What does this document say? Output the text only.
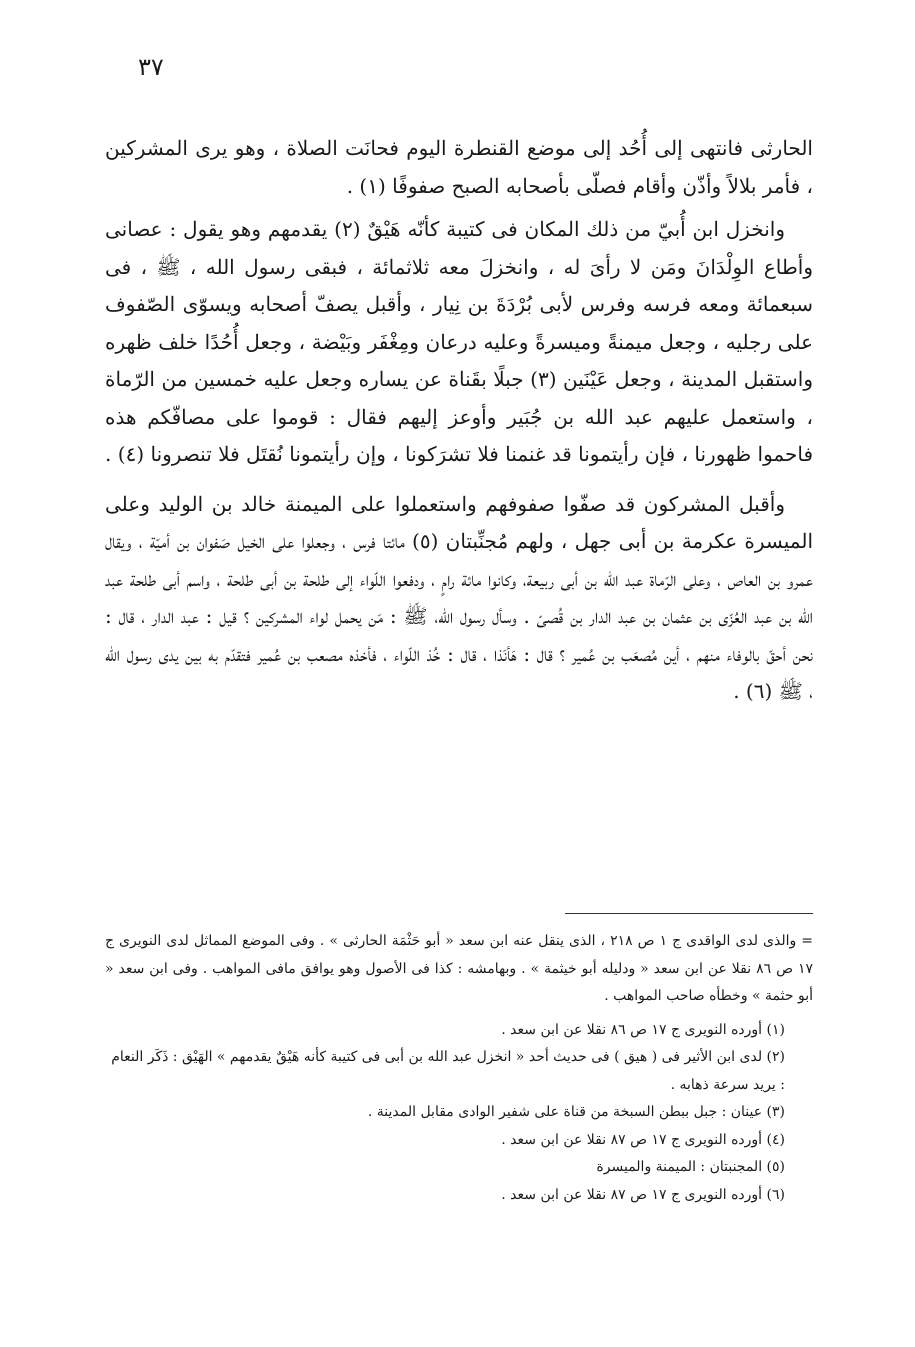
٣٧

الحارثى فانتهى إلى أُحُد إلى موضع القنطرة اليوم فحانَت الصلاة ، وهو يرى المشركين ، فأمر بلالاً وأذّن وأقام فصلّى بأصحابه الصبح صفوفًا (١) .

وانخزل ابن أُبيّ من ذلك المكان فى كتيبة كأنّه هَيْقٌ (٢) يقدمهم وهو يقول : عصانى وأطاع الوِلْدَانَ ومَن لا رأىَ له ، وانخزلَ معه ثلاثمائة ، فبقى رسول الله ، ﷺ ، فى سبعمائة ومعه فرسه وفرس لأبى بُرْدَةَ بن نِيار ، وأقبل يصفّ أصحابه ويسوّى الصّفوف على رجليه ، وجعل ميمنةً وميسرةً وعليه درعان ومِغْفَر وبَيْضة ، وجعل أُحُدًا خلف ظهره واستقبل المدينة ، وجعل عَيْنَين (٣) جبلًا بقَناة عن يساره وجعل عليه خمسين من الرّماة ، واستعمل عليهم عبد الله بن جُبَير وأوعز إليهم فقال : قوموا على مصافّكم هذه فاحموا ظهورنا ، فإن رأيتمونا قد غنمنا فلا تشرَكونا ، وإن رأيتمونا نُقتَل فلا تنصرونا (٤) .

وأقبل المشركون قد صفّوا صفوفهم واستعملوا على الميمنة خالد بن الوليد وعلى الميسرة عكرمة بن أبى جهل ، ولهم مُجنِّبتان (٥) مائتا فرس ، وجعلوا على الخيل صَفوان بن أميّة ، ويقال عمرو بن العاص ، وعلى الرّماة عبد الله بن أبى ربيعة، وكانوا مائة رامٍ ، ودفعوا اللّواء إلى طلحة بن أبى طلحة ، واسم أبى طلحة عبد الله بن عبد العُزّى بن عثمان بن عبد الدار بن قُصىّ . وسأل رسول الله، ﷺ : مَن يحمل لواء المشركين ؟ قيل : عبد الدار ، قال : نحن أحقّ بالوفاء منهم ، أين مُصعَب بن عُمير ؟ قال : هَأنَذا ، قال : خُذ اللّواء ، فأخذه مصعب بن عُمير فتقدّم به بين يدى رسول الله ، ﷺ (٦) .

= والذى لدى الواقدى ج ١ ص ٢١٨ ، الذى ينقل عنه ابن سعد « أبو حَثْمَة الحارثى » . وفى الموضع المماثل لدى النويرى ج ١٧ ص ٨٦ نقلا عن ابن سعد « ودليله أبو خيثمة » . وبهامشه : كذا فى الأصول وهو يوافق مافى المواهب . وفى ابن سعد « أبو حثمة » وخطأه صاحب المواهب .

(١) أورده النويرى ج ١٧ ص ٨٦ نقلا عن ابن سعد .

(٢) لدى ابن الأثير فى ( هيق ) فى حديث أحد « انخزل عبد الله بن أبى فى كتيبة كأنه هَيْقٌ يقدمهم » الهَيْق : ذَكَر النعام : يريد سرعة ذهابه .

(٣) عينان : جبل ببطن السبخة من قناة على شفير الوادى مقابل المدينة .

(٤) أورده النويرى ج ١٧ ص ٨٧ نقلا عن ابن سعد .

(٥) المجنبتان : الميمنة والميسرة

(٦) أورده النويرى ج ١٧ ص ٨٧ نقلا عن ابن سعد .
